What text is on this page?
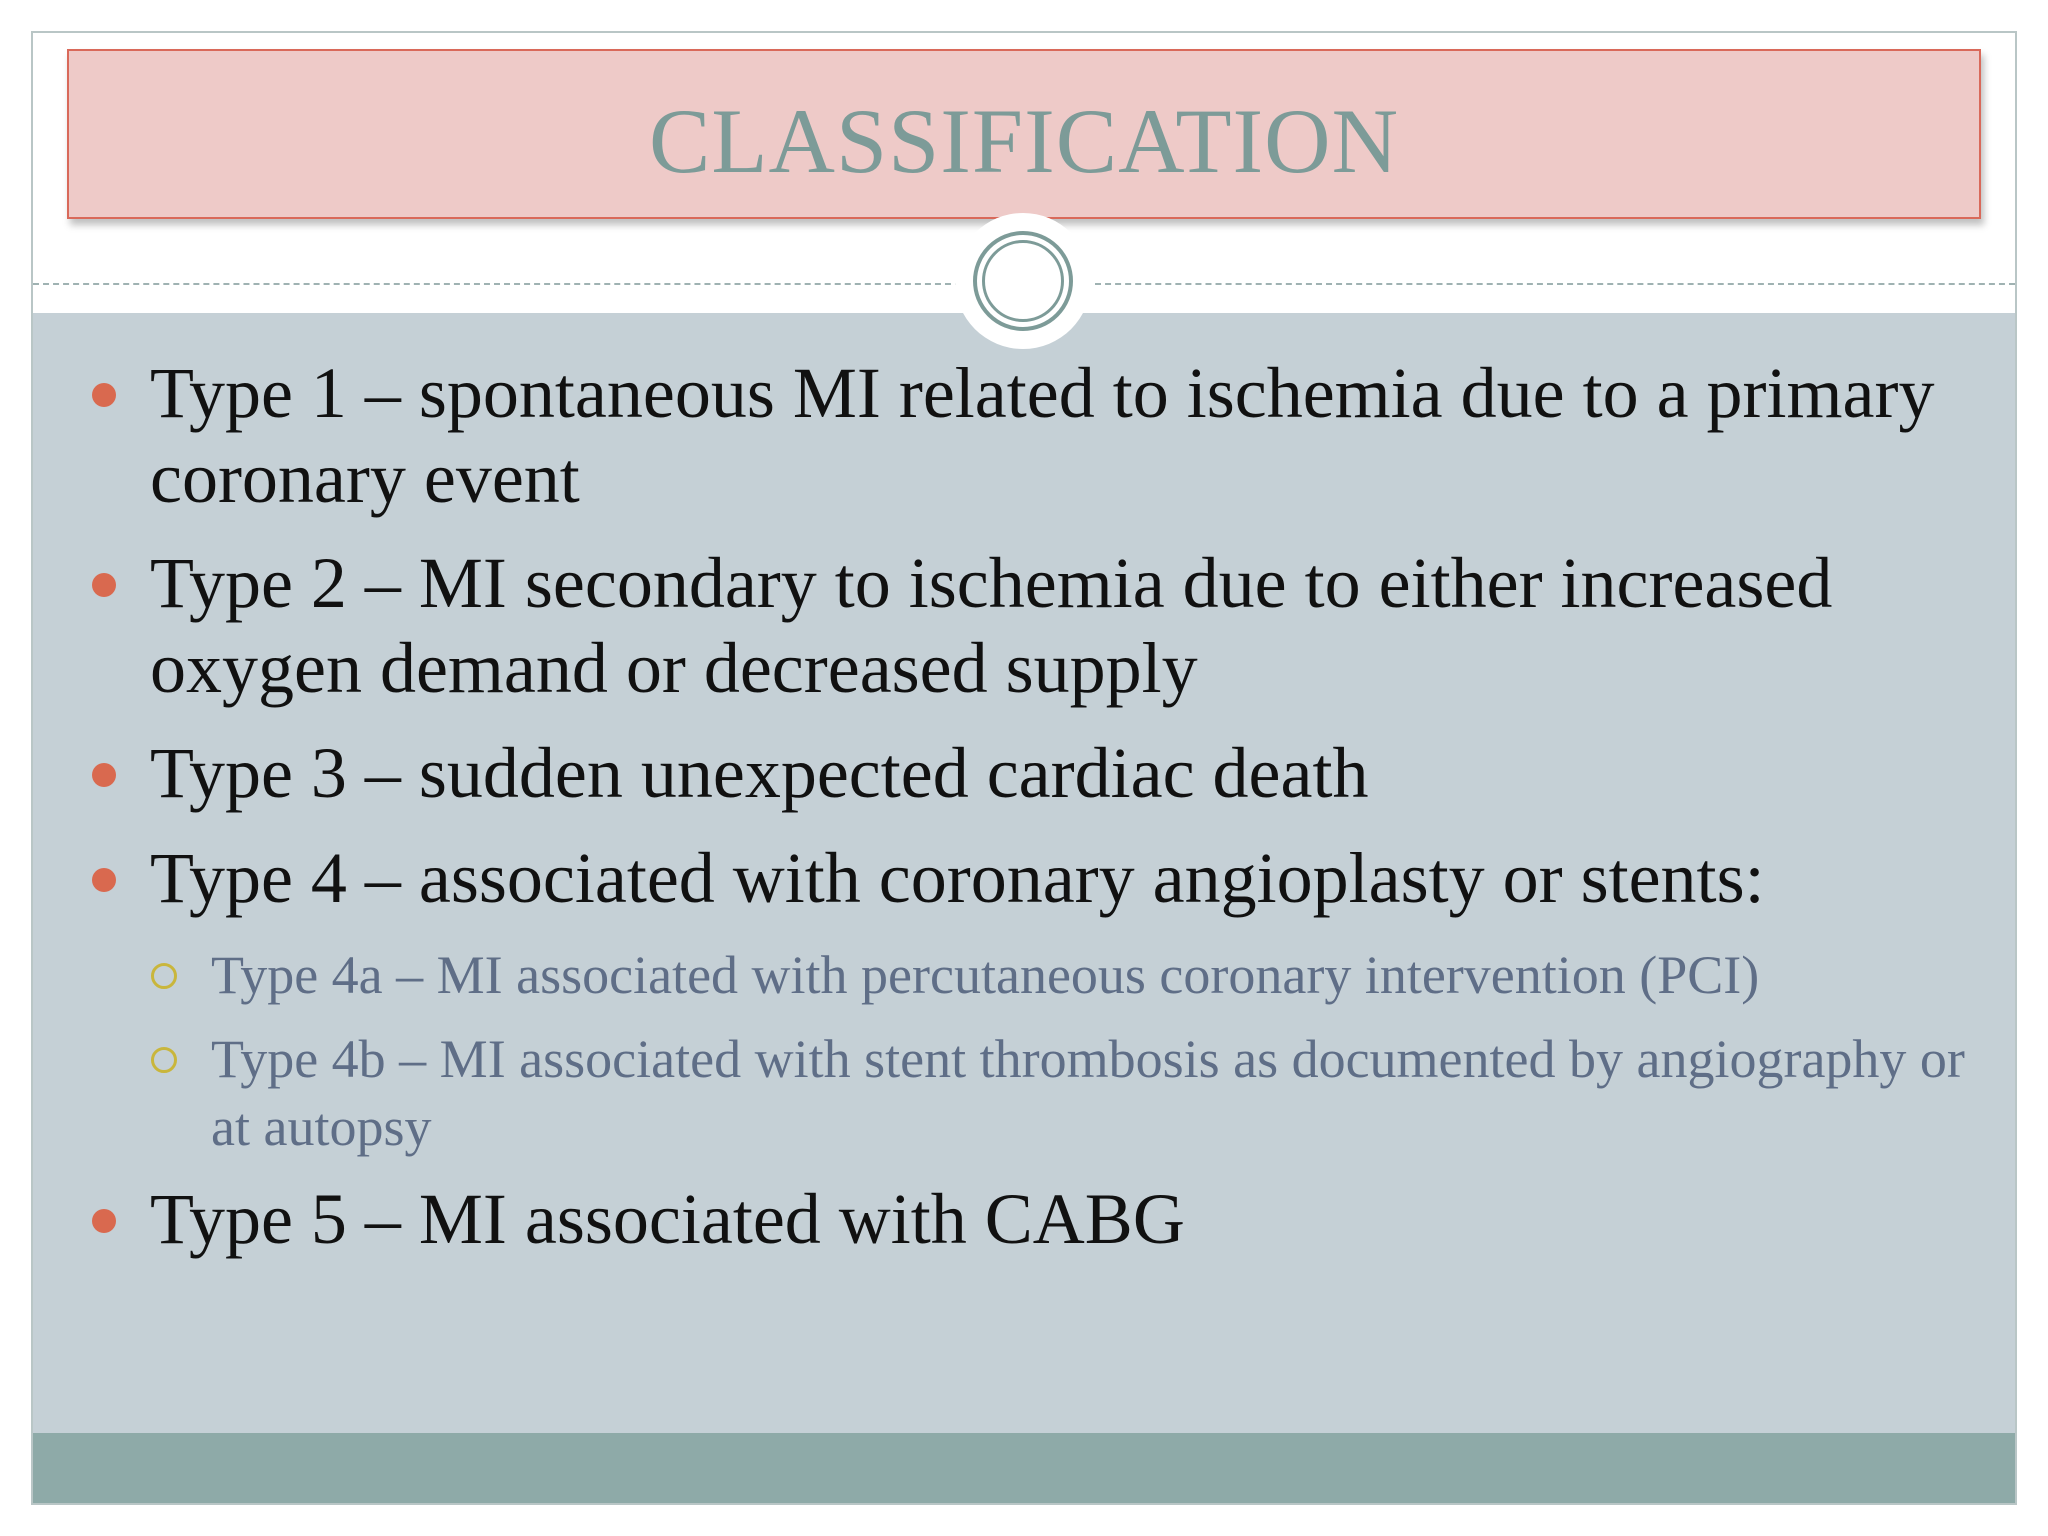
CLASSIFICATION
Type 1 – spontaneous MI related to ischemia due to a primary coronary event
Type 2 – MI secondary to ischemia due to either increased oxygen demand or decreased supply
Type 3 – sudden unexpected cardiac death
Type 4 – associated with coronary angioplasty or stents:
Type 4a – MI associated with percutaneous coronary intervention (PCI)
Type 4b – MI associated with stent thrombosis as documented by angiography or at autopsy
Type 5 – MI associated with CABG
